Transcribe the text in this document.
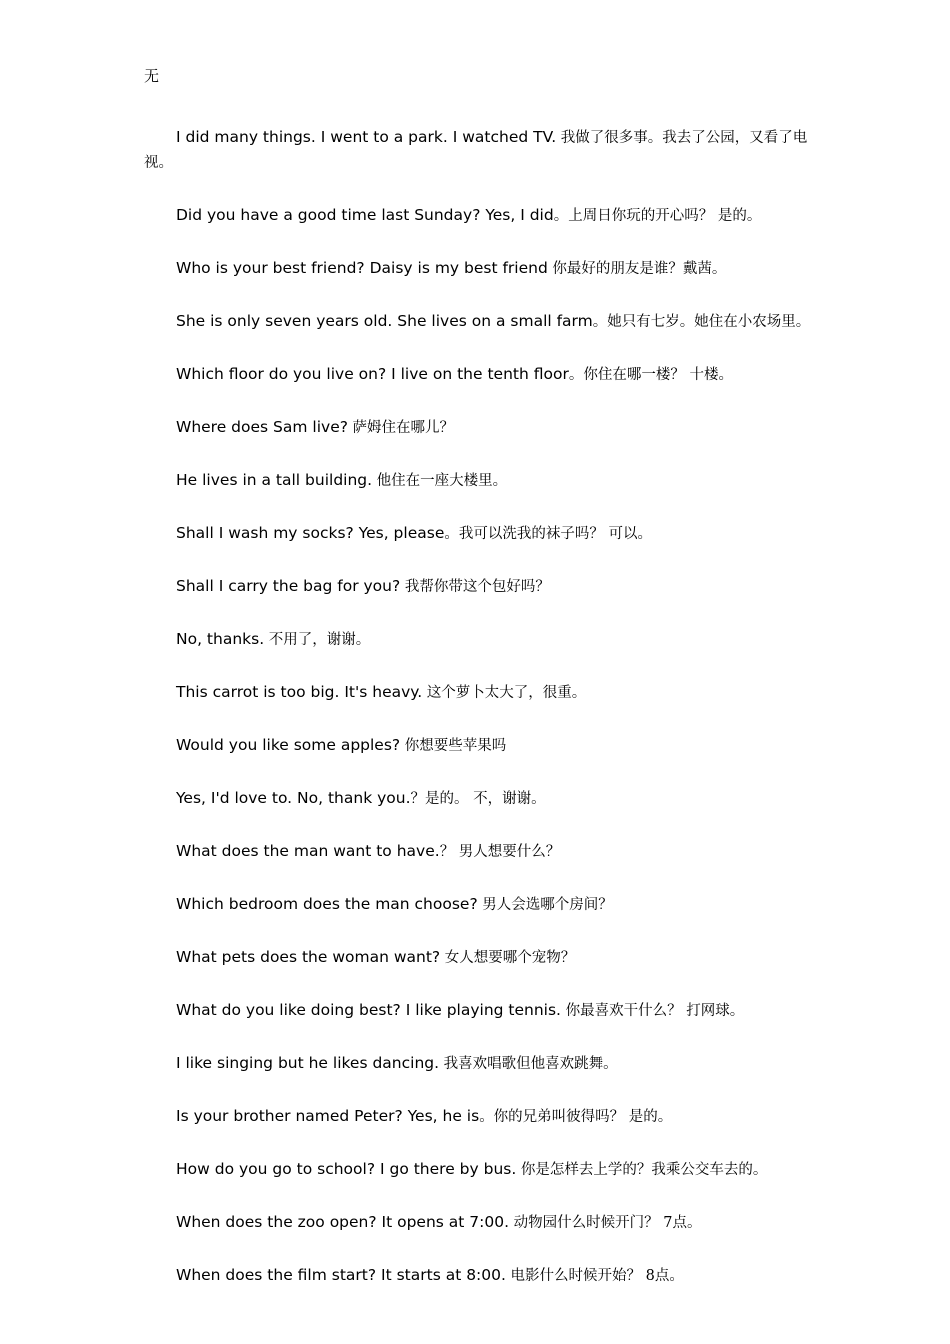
无

I did many things. I went to a park. I watched TV. 我做了很多事。我去了公园，又看了电视。

Did you have a good time last Sunday? Yes, I did。上周日你玩的开心吗？ 是的。

Who is your best friend? Daisy is my best friend 你最好的朋友是谁？戴茜。

She is only seven years old. She lives on a small farm。她只有七岁。她住在小农场里。

Which floor do you live on? I live on the tenth floor。你住在哪一楼？ 十楼。

Where does Sam live? 萨姆住在哪儿？

He lives in a tall building. 他住在一座大楼里。

Shall I wash my socks? Yes, please。我可以洗我的袜子吗？ 可以。

Shall I carry the bag for you? 我帮你带这个包好吗？

No, thanks. 不用了，谢谢。

This carrot is too big. It's heavy. 这个萝卜太大了，很重。

Would you like some apples? 你想要些苹果吗

Yes, I'd love to. No, thank you.？是的。 不，谢谢。

What does the man want to have.？ 男人想要什么？

Which bedroom does the man choose? 男人会选哪个房间？

What pets does the woman want? 女人想要哪个宠物？

What do you like doing best? I like playing tennis. 你最喜欢干什么？ 打网球。

I like singing but he likes dancing. 我喜欢唱歌但他喜欢跳舞。

Is your brother named Peter? Yes, he is。你的兄弟叫彼得吗？ 是的。

How do you go to school? I go there by bus. 你是怎样去上学的？我乘公交车去的。

When does the zoo open? It opens at 7:00. 动物园什么时候开门？ 7点。

When does the film start? It starts at 8:00. 电影什么时候开始？ 8点。
